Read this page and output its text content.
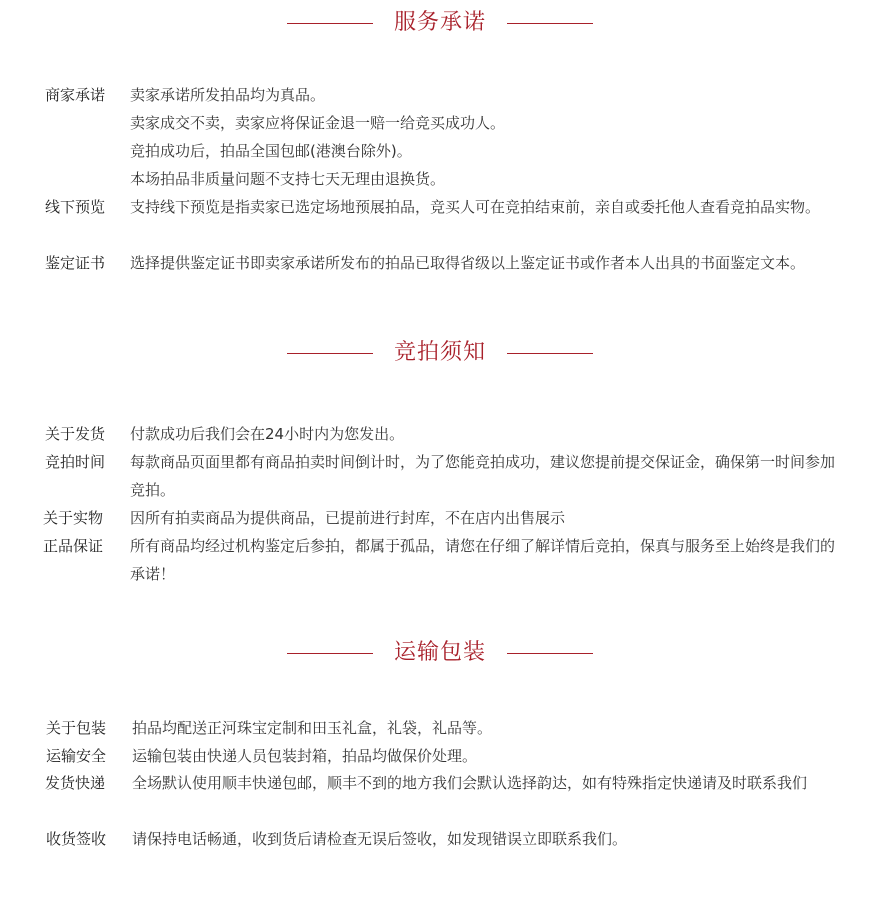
服务承诺
商家承诺	卖家承诺所发拍品均为真品。
卖家成交不卖，卖家应将保证金退一赔一给竞买成功人。
竞拍成功后，拍品全国包邮(港澳台除外)。
本场拍品非质量问题不支持七天无理由退换货。
线下预览	支持线下预览是指卖家已选定场地预展拍品，竞买人可在竞拍结束前，亲自或委托他人查看竞拍品实物。
鉴定证书	选择提供鉴定证书即卖家承诺所发布的拍品已取得省级以上鉴定证书或作者本人出具的书面鉴定文本。
竞拍须知
关于发货	付款成功后我们会在24小时内为您发出。
竞拍时间	每款商品页面里都有商品拍卖时间倒计时，为了您能竞拍成功，建议您提前提交保证金，确保第一时间参加竞拍。
关于实物	因所有拍卖商品为提供商品，已提前进行封库，不在店内出售展示
正品保证	所有商品均经过机构鉴定后参拍，都属于孤品，请您在仔细了解详情后竞拍，保真与服务至上始终是我们的承诺！
运输包装
关于包装	拍品均配送正河珠宝定制和田玉礼盒，礼袋，礼品等。
运输安全	运输包装由快递人员包装封箱，拍品均做保价处理。
发货快递	全场默认使用顺丰快递包邮，顺丰不到的地方我们会默认选择韵达，如有特殊指定快递请及时联系我们
收货签收	请保持电话畅通，收到货后请检查无误后签收，如发现错误立即联系我们。
